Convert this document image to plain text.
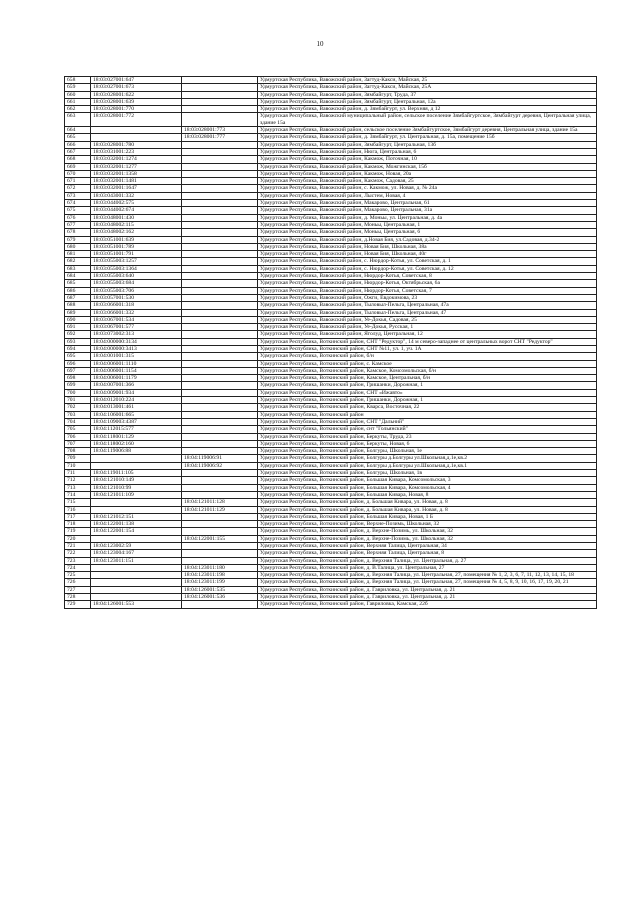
10
658	18:03:027001:647		Удмуртская Республика, Вавожский район, Загтуд-Какси, Майская, 25
659	18:03:027001:673		Удмуртская Республика, Вавожский район, Загтуд-Какси, Майская, 25А
660	18:03:028001:622		Удмуртская Республика, Вавожский район, Зямбайгурт, Труда, 37
661	18:03:028001:639		Удмуртская Республика, Вавожский район, Зямбайгурт, Центральная, 12а
662	18:03:028001:770		Удмуртская Республика, Вавожский район, д. Зямбайгурт, ул. Верхняя, д 12
663	18:03:028001:772		Удмуртская Республика, Вавожский муниципальный район, сельское поселение Зямбайгуртское, Зямбайгурт деревня, Центральная улица, здание 15а
664		18:03:028001:773	Удмуртская Республика, Вавожский район, сельское поселение Зямбайгуртское, Зямбайгурт деревня, Центральная улица, здание 15а
665		18:03:028001:777	Удмуртская Республика, Вавожский район, д. Зямбайгурт, ул. Центральная, д. 15а, помещение 15б
666	18:03:028001:780		Удмуртская Республика, Вавожский район, Зямбайгурт, Центральная, 13б
667	18:03:031001:223		Удмуртская Республика, Вавожский район, Нюга, Центральная, 6
668	18:03:032001:1274		Удмуртская Республика, Вавожский район, Какмож, Поточная, 10
669	18:03:032001:1277		Удмуртская Республика, Вавожский район, Какмож, Можгинская, 15б
670	18:03:032001:1358		Удмуртская Республика, Вавожский район, Какмож, Новая, 20а
671	18:03:032001:1481		Удмуртская Республика, Вавожский район, Какмож, Садовая, 25
672	18:03:032001:1647		Удмуртская Республика, Вавожский район, с. Какмож, ул. Новая, д. № 24а
673	18:03:043001:332		Удмуртская Республика, Вавожский район, Лыстем, Новая, 4
674	18:03:044002:575		Удмуртская Республика, Вавожский район, Макарово, Центральная, 61
675	18:03:044002:674		Удмуртская Республика, Вавожский район, Макарово, Центральная, 31а
676	18:03:048001:430		Удмуртская Республика, Вавожский район, д. Моньы, ул. Центральная, д. 4а
677	18:03:048002:115		Удмуртская Республика, Вавожский район, Моньы, Центральная, 1
678	18:03:048002:162		Удмуртская Республика, Вавожский район, Моньы, Центральная, 6
679	18:03:051001:639		Удмуртская Республика, Вавожский район, д.Новая Бия, ул.Садовая, д.34-2
680	18:03:051001:789		Удмуртская Республика, Вавожский район, Новая Бия, Школьная, 38а
681	18:03:051001:791		Удмуртская Республика, Вавожский район, Новая Бия, Школьная, 40г
682	18:03:055003:1257		Удмуртская Республика, Вавожский район, с. Нюрдор-Котья, ул. Советская, д. 1
683	18:03:055003:1364		Удмуртская Республика, Вавожский район, с. Нюрдор-Котья, ул. Советская, д. 12
684	18:03:055003:640		Удмуртская Республика, Вавожский район, Нюрдор-Котья, Советская, 8
685	18:03:055003:684		Удмуртская Республика, Вавожский район, Нюрдор-Котья, Октябрьская, 6а
686	18:03:055003:706		Удмуртская Республика, Вавожский район, Нюрдор-Котья, Советская, 7
687	18:03:057001:530		Удмуртская Республика, Вавожский район, Ожги, Евдокимова, 23
688	18:03:066001:318		Удмуртская Республика, Вавожский район, Тыловыл-Пельга, Центральная, 47а
689	18:03:066001:332		Удмуртская Республика, Вавожский район, Тыловыл-Пельга, Центральная, 47
690	18:03:067001:534		Удмуртская Республика, Вавожский район, Уе-Докья, Садовая, 25
691	18:03:067001:577		Удмуртская Республика, Вавожский район, Уе-Докья, Русская, 1
692	18:03:073002:313		Удмуртская Республика, Вавожский район, Яголуд, Центральная, 12
693	18:04:000000:3134		Удмуртская Республика, Воткинский район, СНТ "Редуктор", 14 м северо-западнее от центральных ворот СНТ "Редуктор"
694	18:04:000000:3413		Удмуртская Республика, Воткинский район, СНТ №11, ул. 1, уч. 1А
695	18:04:001001:315		Удмуртская Республика, Воткинский район, б/н
696	18:04:006001:1110		Удмуртская Республика, Воткинский район, с. Камское
697	18:04:006001:1154		Удмуртская Республика, Воткинский район, Камское, Комсомольская, б/н
698	18:04:006001:1179		Удмуртская Республика, Воткинский район, Камское, Центральная, б/н
699	18:04:007001:366		Удмуртская Республика, Воткинский район, Гришанки, Дорожная, 1
700	18:04:009001:934		Удмуртская Республика, Воткинский район, СНТ «Ижавто»
701	18:04:012010:224		Удмуртская Республика, Воткинский район, Гришанки, Дорожная, 1
702	18:04:013001:461		Удмуртская Республика, Воткинский район, Кварса, Восточная, 22
703	18:04:106001:665		Удмуртская Республика, Воткинский район
704	18:04:109003:4387		Удмуртская Республика, Воткинский район, СНТ "Дальний"
705	18:04:112015:577		Удмуртская Республика, Воткинский район, снт "Гольянский"
706	18:04:118001:129		Удмуртская Республика, Воткинский район, Беркуты, Труда, 23
707	18:04:118002:160		Удмуртская Республика, Воткинский район, Беркуты, Новая, 6
708	18:04:119006:88		Удмуртская Республика, Воткинский район, Болгуры, Школьная, 1е
709		18:04:119006:91	Удмуртская Республика, Воткинский район, Болгуры д.Болгуры ул.Школьная,д.1е,кв.2
710		18:04:119006:92	Удмуртская Республика, Воткинский район, Болгуры д.Болгуры ул.Школьная,д.1е,кв.1
711	18:04:119011:105		Удмуртская Республика, Воткинский район, Болгуры, Школьная, 1в
712	18:04:121010:149		Удмуртская Республика, Воткинский район, Большая Кивара, Комсомольская, 3
713	18:04:121010:99		Удмуртская Республика, Воткинский район, Большая Кивара, Комсомольская, 4
714	18:04:121011:109		Удмуртская Республика, Воткинский район, Большая Кивара, Новая, 8
715		18:04:121011:128	Удмуртская Республика, Воткинский район, д. Большая Кивара, ул. Новая, д. 8
716		18:04:121011:129	Удмуртская Республика, Воткинский район, д. Большая Кивара, ул. Новая, д. 8
717	18:04:121012:151		Удмуртская Республика, Воткинский район, Большая Кивара, Новая, 1 Б
718	18:04:122001:138		Удмуртская Республика, Воткинский район, Верхне-Позимь, Школьная, 32
719	18:04:122001:154		Удмуртская Республика, Воткинский район, д. Верхне-Позимь, ул. Школьная, 32
720		18:04:122001:155	Удмуртская Республика, Воткинский район, д. Верхне-Позимь, ул. Школьная, 32
721	18:04:123002:59		Удмуртская Республика, Воткинский район, Верхняя Талица, Центральная, 34
722	18:04:123004:167		Удмуртская Республика, Воткинский район, Верхняя Талица, Центральная, 8
723	18:04:123011:151		Удмуртская Республика, Воткинский район, д. Верхняя Талица, ул. Центральная, д. 27
724		18:04:123011:180	Удмуртская Республика, Воткинский район, д. В.Талица, ул. Центральная, 27
725		18:04:123011:198	Удмуртская Республика, Воткинский район, д. Верхняя Талица, ул. Центральная, 27, помещения № 1, 2, 3, 6, 7, 11, 12, 13, 14, 15, 18
726		18:04:123011:199	Удмуртская Республика, Воткинский район, д. Верхняя Талица, ул. Центральная, 27, помещения № 4, 5, 8, 9, 10, 16, 17, 19, 20, 21
727		18:04:126001:535	Удмуртская Республика, Воткинский район, д. Гавриловка, ул. Центральная, д. 21
728		18:04:126001:536	Удмуртская Республика, Воткинский район, д. Гавриловка, ул. Центральная, д. 21
729	18:04:126001:553		Удмуртская Республика, Воткинский район, Гавриловка, Камская, 22б
